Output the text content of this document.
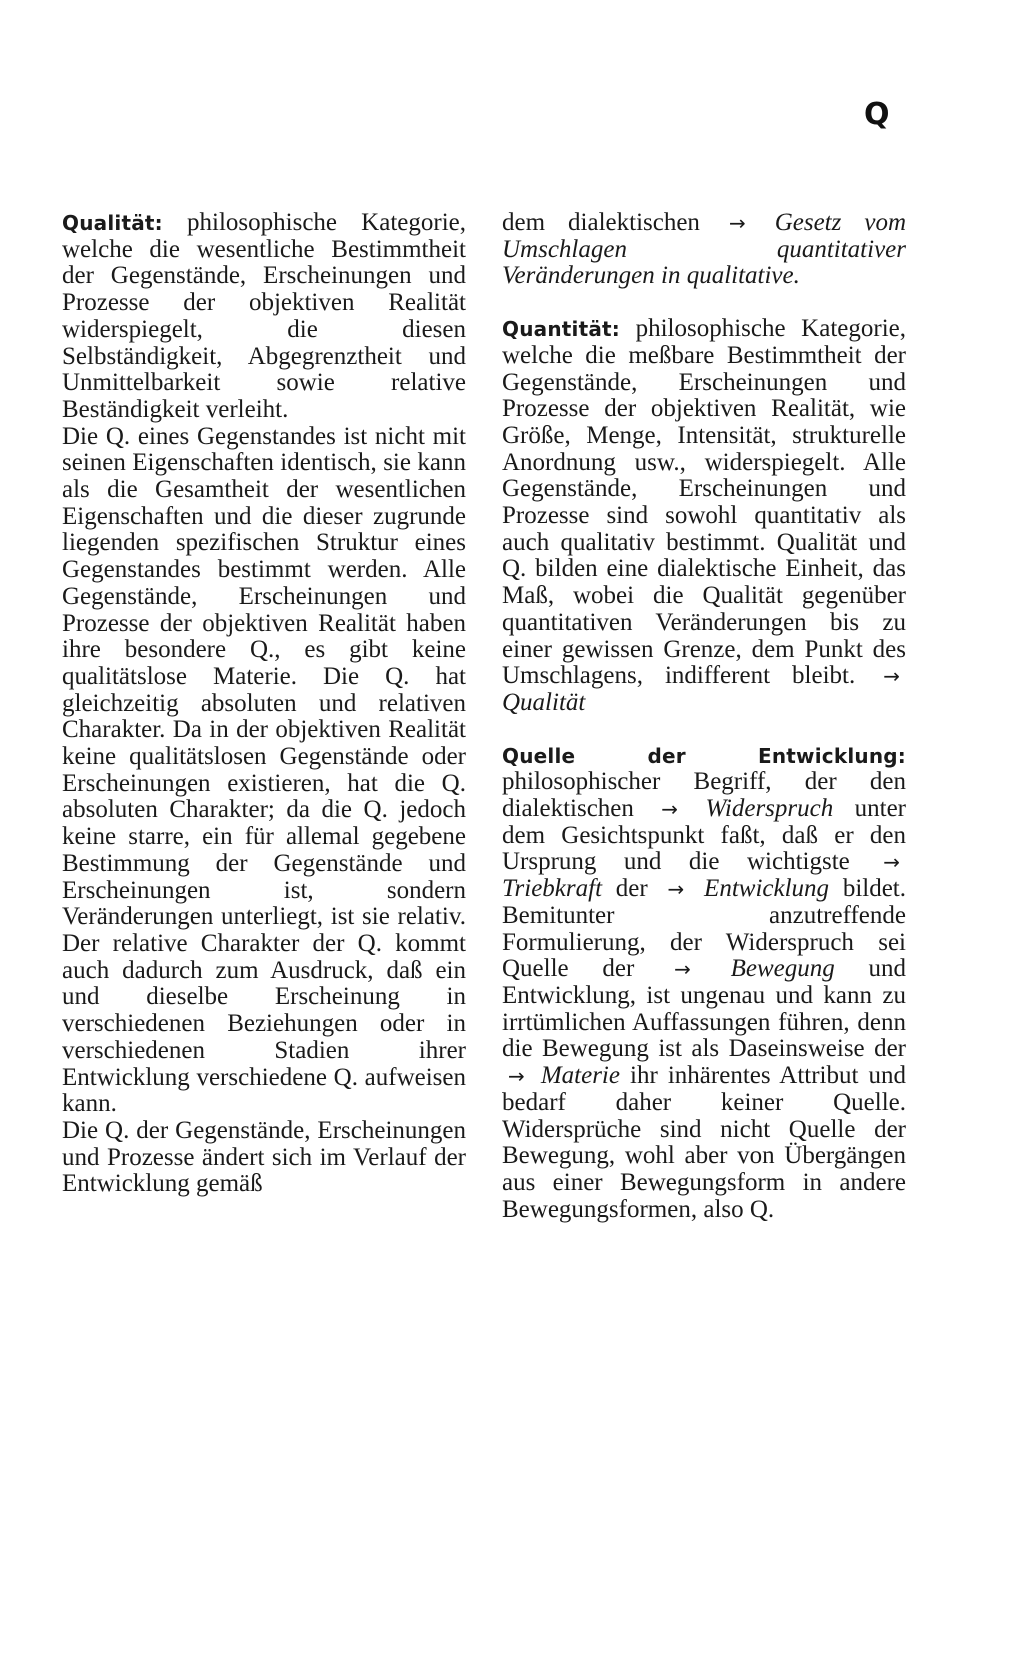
Q

Qualität: philosophische Kategorie, welche die wesentliche Bestimmtheit der Gegenstände, Erscheinungen und Prozesse der objektiven Realität widerspiegelt, die diesen Selbständigkeit, Abgegrenztheit und Unmittelbarkeit sowie relative Beständigkeit verleiht.

Die Q. eines Gegenstandes ist nicht mit seinen Eigenschaften identisch, sie kann als die Gesamtheit der wesentlichen Eigenschaften und die dieser zugrunde liegenden spezifischen Struktur eines Gegenstandes bestimmt werden. Alle Gegenstände, Erscheinungen und Prozesse der objektiven Realität haben ihre besondere Q., es gibt keine qualitätslose Materie. Die Q. hat gleichzeitig absoluten und relativen Charakter. Da in der objektiven Realität keine qualitätslosen Gegenstände oder Erscheinungen existieren, hat die Q. absoluten Charakter; da die Q. jedoch keine starre, ein für allemal gegebene Bestimmung der Gegenstände und Erscheinungen ist, sondern Veränderungen unterliegt, ist sie relativ. Der relative Charakter der Q. kommt auch dadurch zum Ausdruck, daß ein und dieselbe Erscheinung in verschiedenen Beziehungen oder in verschiedenen Stadien ihrer Entwicklung verschiedene Q. aufweisen kann.

Die Q. der Gegenstände, Erscheinungen und Prozesse ändert sich im Verlauf der Entwicklung gemäß

dem dialektischen → Gesetz vom Umschlagen quantitativer Veränderungen in qualitative.

Quantität: philosophische Kategorie, welche die meßbare Bestimmtheit der Gegenstände, Erscheinungen und Prozesse der objektiven Realität, wie Größe, Menge, Intensität, strukturelle Anordnung usw., widerspiegelt. Alle Gegenstände, Erscheinungen und Prozesse sind sowohl quantitativ als auch qualitativ bestimmt. Qualität und Q. bilden eine dialektische Einheit, das Maß, wobei die Qualität gegenüber quantitativen Veränderungen bis zu einer gewissen Grenze, dem Punkt des Umschlagens, indifferent bleibt. → Qualität

Quelle der Entwicklung: philosophischer Begriff, der den dialektischen → Widerspruch unter dem Gesichtspunkt faßt, daß er den Ursprung und die wichtigste → Triebkraft der → Entwicklung bildet. Bemitunter anzutreffende Formulierung, der Widerspruch sei Quelle der → Bewegung und Entwicklung, ist ungenau und kann zu irrtümlichen Auffassungen führen, denn die Bewegung ist als Daseinsweise der → Materie ihr inhärentes Attribut und bedarf daher keiner Quelle. Widersprüche sind nicht Quelle der Bewegung, wohl aber von Übergängen aus einer Bewegungsform in andere Bewegungsformen, also Q.
